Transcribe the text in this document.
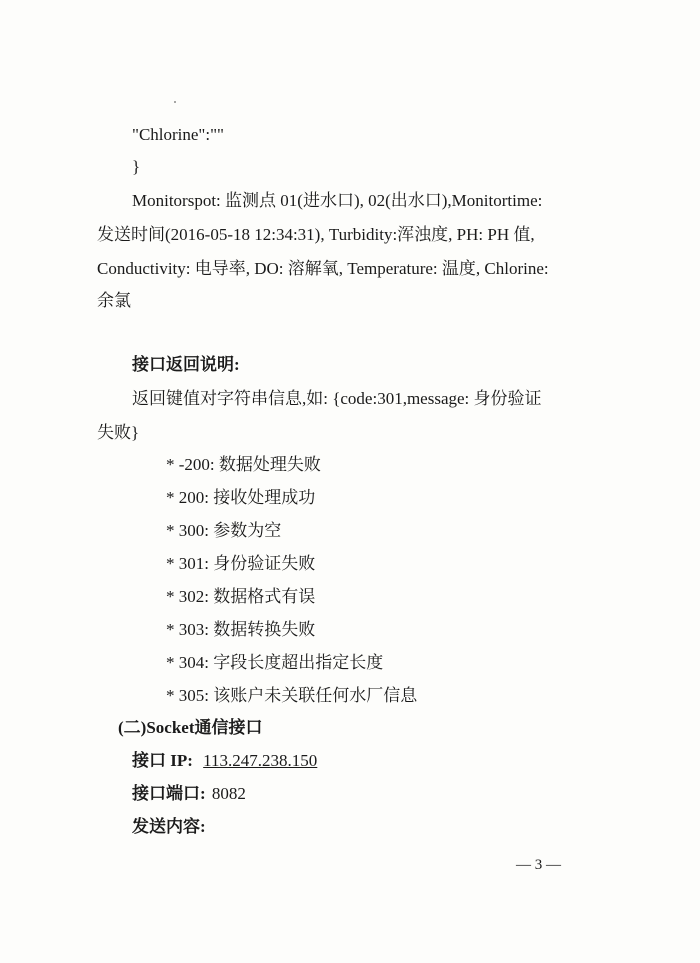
"Chlorine":""
}
Monitorspot: 监测点 01(进水口), 02(出水口),Monitortime:
发送时间(2016-05-18 12:34:31), Turbidity:浑浊度, PH: PH 值,
Conductivity: 电导率, DO: 溶解氧, Temperature: 温度, Chlorine:
余氯
接口返回说明:
返回键值对字符串信息,如: {code:301,message: 身份验证
失败}
* -200: 数据处理失败
* 200: 接收处理成功
* 300: 参数为空
* 301: 身份验证失败
* 302: 数据格式有误
* 303: 数据转换失败
* 304: 字段长度超出指定长度
* 305: 该账户未关联任何水厂信息
(二)Socket通信接口
接口 IP: 113.247.238.150
接口端口: 8082
发送内容:
— 3 —
